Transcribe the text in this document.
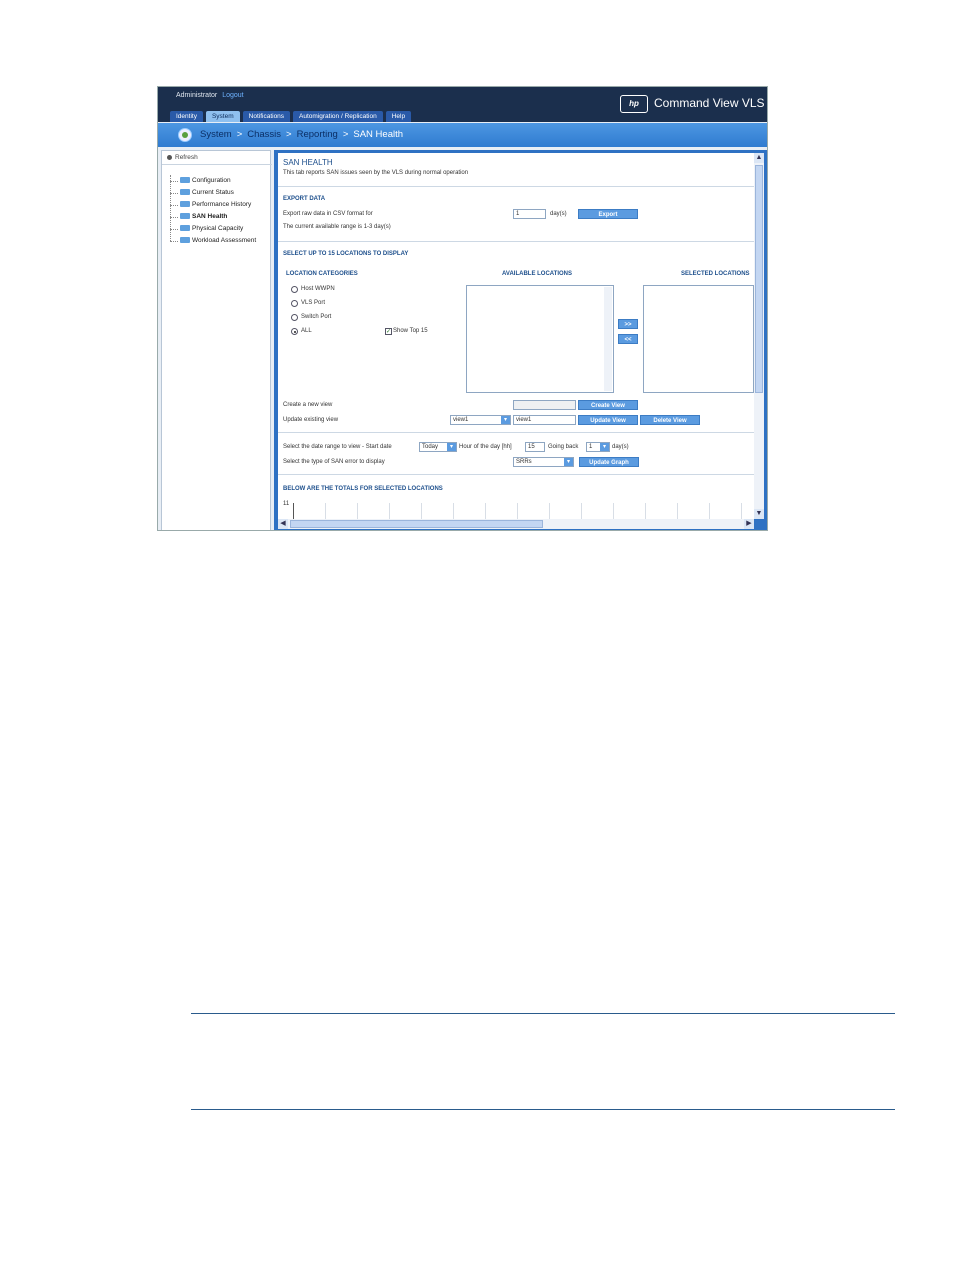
Administrator Logout
Identity	System	Notifications	Automigration / Replication	Help
hp	Command View VLS
System > Chassis > Reporting > SAN Health
Refresh
Configuration
Current Status
Performance History
SAN Health
Physical Capacity
Workload Assessment
SAN HEALTH
This tab reports SAN issues seen by the VLS during normal operation
EXPORT DATA
Export raw data in CSV format for	1	day(s)	Export
The current available range is 1-3 day(s)
SELECT UP TO 15 LOCATIONS TO DISPLAY
LOCATION CATEGORIES	AVAILABLE LOCATIONS	SELECTED LOCATIONS
Host WWPN
VLS Port
Switch Port
ALL	✓ Show Top 15
>>
<<
Create a new view	Create View
Update existing view	view1	▾	view1	Update View	Delete View
Select the date range to view - Start date	Today	▾	Hour of the day [hh]	15	Going back	1	▾	day(s)
Select the type of SAN error to display	SRRs	▾	Update Graph
BELOW ARE THE TOTALS FOR SELECTED LOCATIONS
11
▲
▼
◀	▶
